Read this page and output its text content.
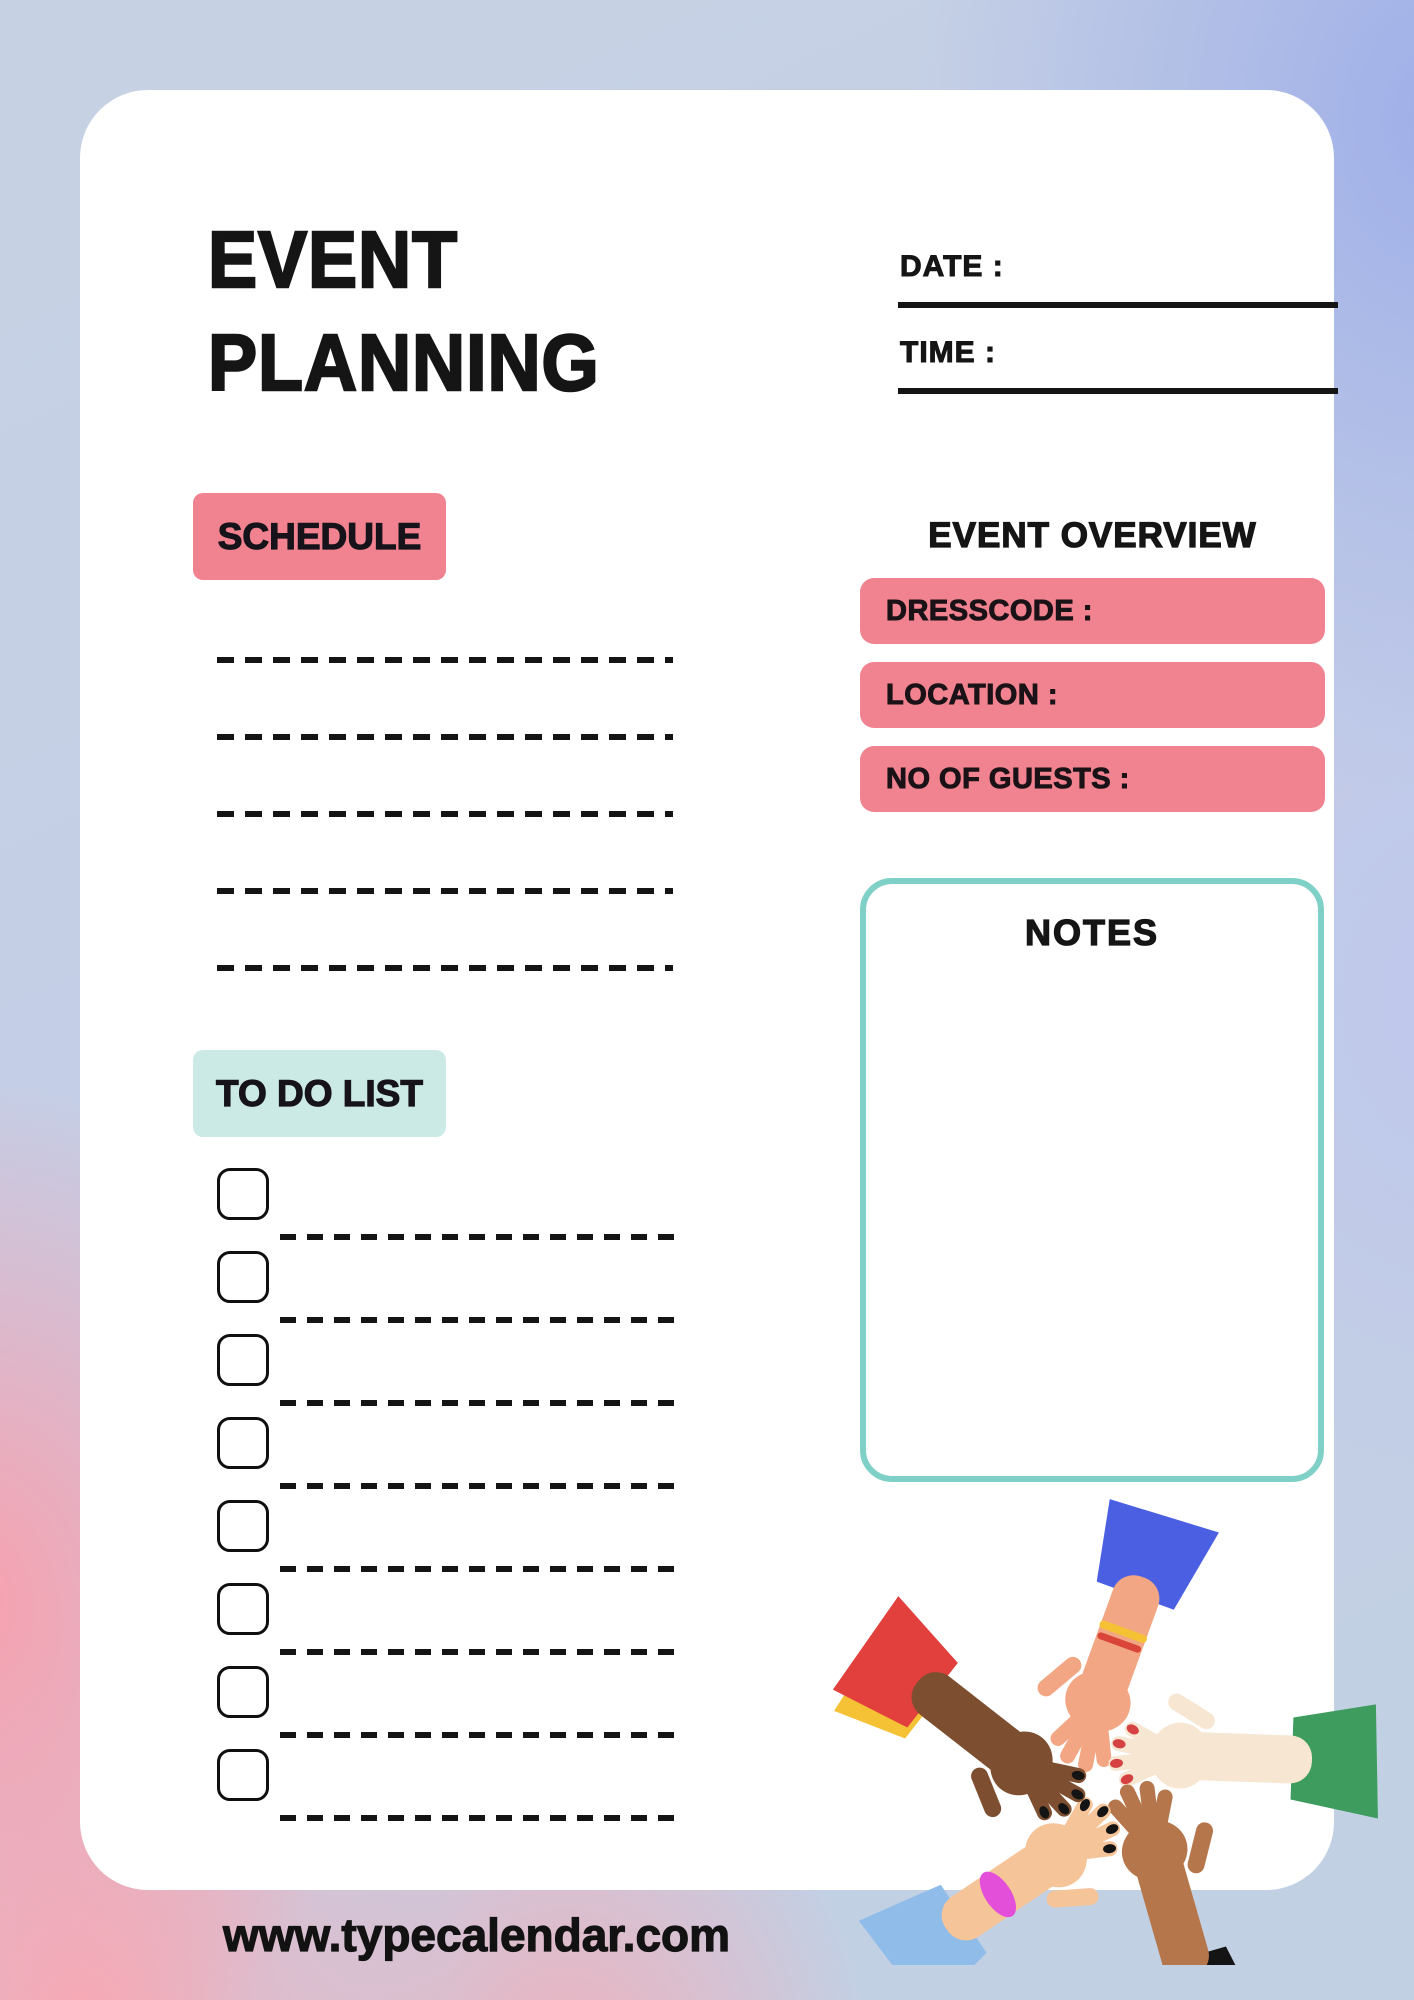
EVENT
PLANNING
DATE :
TIME :
SCHEDULE	EVENT OVERVIEW
DRESSCODE :
LOCATION :
NO OF GUESTS :
NOTES
TO DO LIST
www.typecalendar.com
